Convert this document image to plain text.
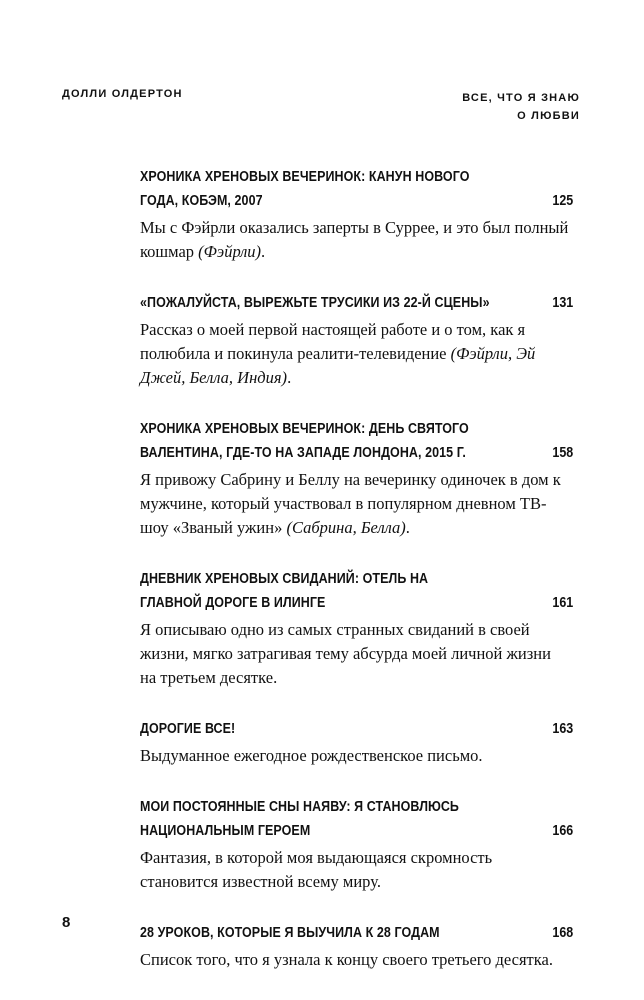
ДОЛЛИ ОЛДЕРТОН	ВСЕ, ЧТО Я ЗНАЮ
О ЛЮБВИ
ХРОНИКА ХРЕНОВЫХ ВЕЧЕРИНОК: КАНУН НОВОГО ГОДА, КОБЭМ, 2007	125
Мы с Фэйрли оказались заперты в Суррее, и это был полный кошмар (Фэйрли).
«ПОЖАЛУЙСТА, ВЫРЕЖЬТЕ ТРУСИКИ ИЗ 22-Й СЦЕНЫ»	131
Рассказ о моей первой настоящей работе и о том, как я полюбила и покинула реалити-телевидение (Фэйрли, Эй Джей, Белла, Индия).
ХРОНИКА ХРЕНОВЫХ ВЕЧЕРИНОК: ДЕНЬ СВЯТОГО ВАЛЕНТИНА, ГДЕ-ТО НА ЗАПАДЕ ЛОНДОНА, 2015 Г.	158
Я привожу Сабрину и Беллу на вечеринку одиночек в дом к мужчине, который участвовал в популярном дневном ТВ-шоу «Званый ужин» (Сабрина, Белла).
ДНЕВНИК ХРЕНОВЫХ СВИДАНИЙ: ОТЕЛЬ НА ГЛАВНОЙ ДОРОГЕ В ИЛИНГЕ	161
Я описываю одно из самых странных свиданий в своей жизни, мягко затрагивая тему абсурда моей личной жизни на третьем десятке.
ДОРОГИЕ ВСЕ!	163
Выдуманное ежегодное рождественское письмо.
МОИ ПОСТОЯННЫЕ СНЫ НАЯВУ: Я СТАНОВЛЮСЬ НАЦИОНАЛЬНЫМ ГЕРОЕМ	166
Фантазия, в которой моя выдающаяся скромность становится известной всему миру.
28 УРОКОВ, КОТОРЫЕ Я ВЫУЧИЛА К 28 ГОДАМ	168
Список того, что я узнала к концу своего третьего десятка.
8
